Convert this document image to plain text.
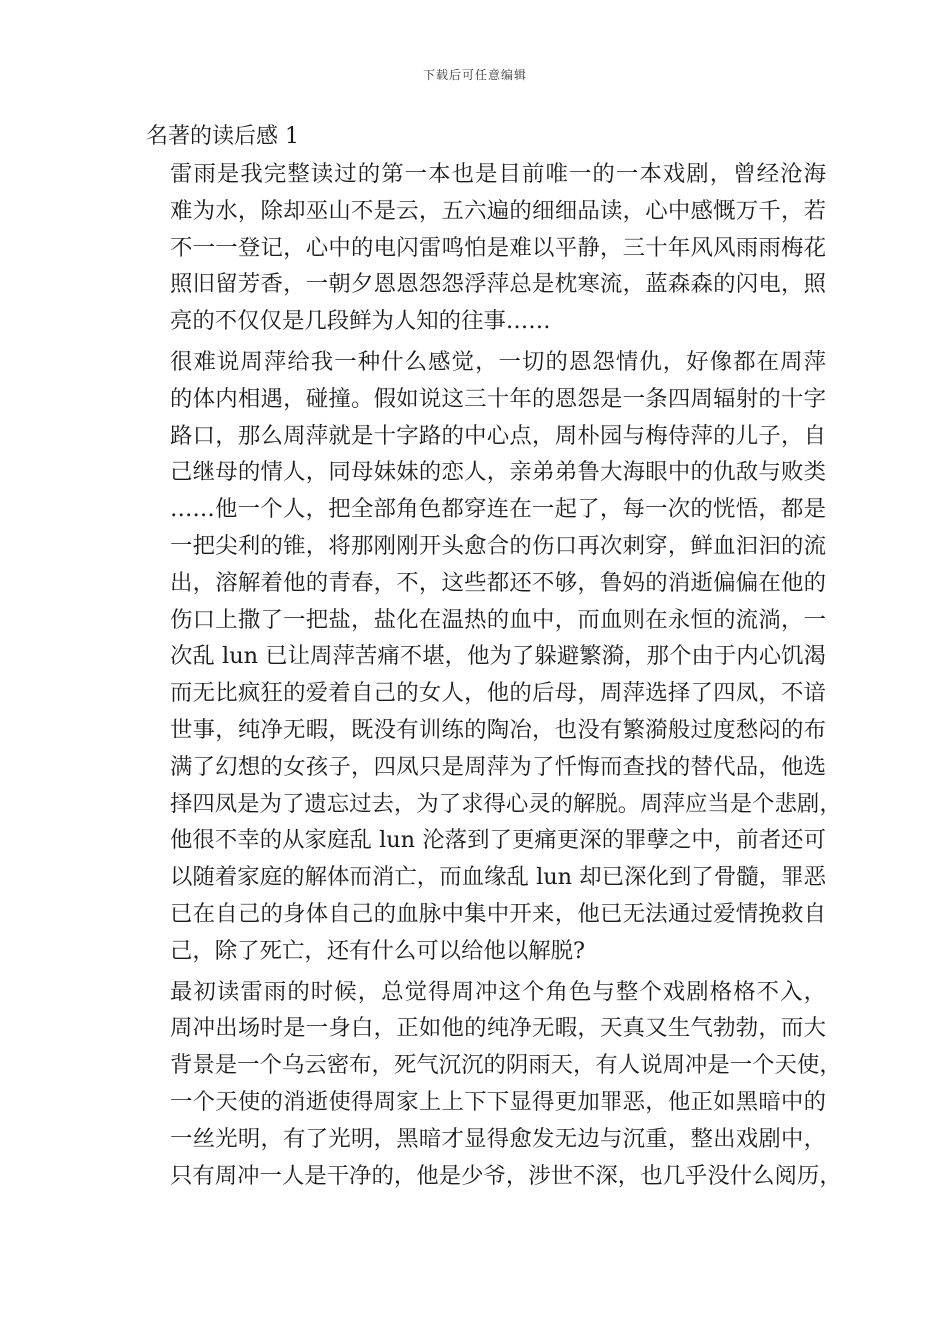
下载后可任意编辑
名著的读后感 1

雷雨是我完整读过的第一本也是目前唯一的一本戏剧，曾经沧海
难为水，除却巫山不是云，五六遍的细细品读，心中感慨万千，若
不一一登记，心中的电闪雷鸣怕是难以平静，三十年风风雨雨梅花
照旧留芳香，一朝夕恩恩怨怨浮萍总是枕寒流，蓝森森的闪电，照
亮的不仅仅是几段鲜为人知的往事……

很难说周萍给我一种什么感觉，一切的恩怨情仇，好像都在周萍
的体内相遇，碰撞。假如说这三十年的恩怨是一条四周辐射的十字
路口，那么周萍就是十字路的中心点，周朴园与梅侍萍的儿子，自
己继母的情人，同母妹妹的恋人，亲弟弟鲁大海眼中的仇敌与败类
……他一个人，把全部角色都穿连在一起了，每一次的恍悟，都是
一把尖利的锥，将那刚刚开头愈合的伤口再次刺穿，鲜血汩汩的流
出，溶解着他的青春，不，这些都还不够，鲁妈的消逝偏偏在他的
伤口上撒了一把盐，盐化在温热的血中，而血则在永恒的流淌，一
次乱 lun 已让周萍苦痛不堪，他为了躲避繁漪，那个由于内心饥渴
而无比疯狂的爱着自己的女人，他的后母，周萍选择了四凤，不谙
世事，纯净无暇，既没有训练的陶冶，也没有繁漪般过度愁闷的布
满了幻想的女孩子，四凤只是周萍为了忏悔而查找的替代品，他选
择四凤是为了遗忘过去，为了求得心灵的解脱。周萍应当是个悲剧，
他很不幸的从家庭乱 lun 沦落到了更痛更深的罪孽之中，前者还可
以随着家庭的解体而消亡，而血缘乱 lun 却已深化到了骨髓，罪恶
已在自己的身体自己的血脉中集中开来，他已无法通过爱情挽救自
己，除了死亡，还有什么可以给他以解脱?

最初读雷雨的时候，总觉得周冲这个角色与整个戏剧格格不入，
周冲出场时是一身白，正如他的纯净无暇，天真又生气勃勃，而大
背景是一个乌云密布，死气沉沉的阴雨天，有人说周冲是一个天使，
一个天使的消逝使得周家上上下下显得更加罪恶，他正如黑暗中的
一丝光明，有了光明，黑暗才显得愈发无边与沉重，整出戏剧中，
只有周冲一人是干净的，他是少爷，涉世不深，也几乎没什么阅历，
